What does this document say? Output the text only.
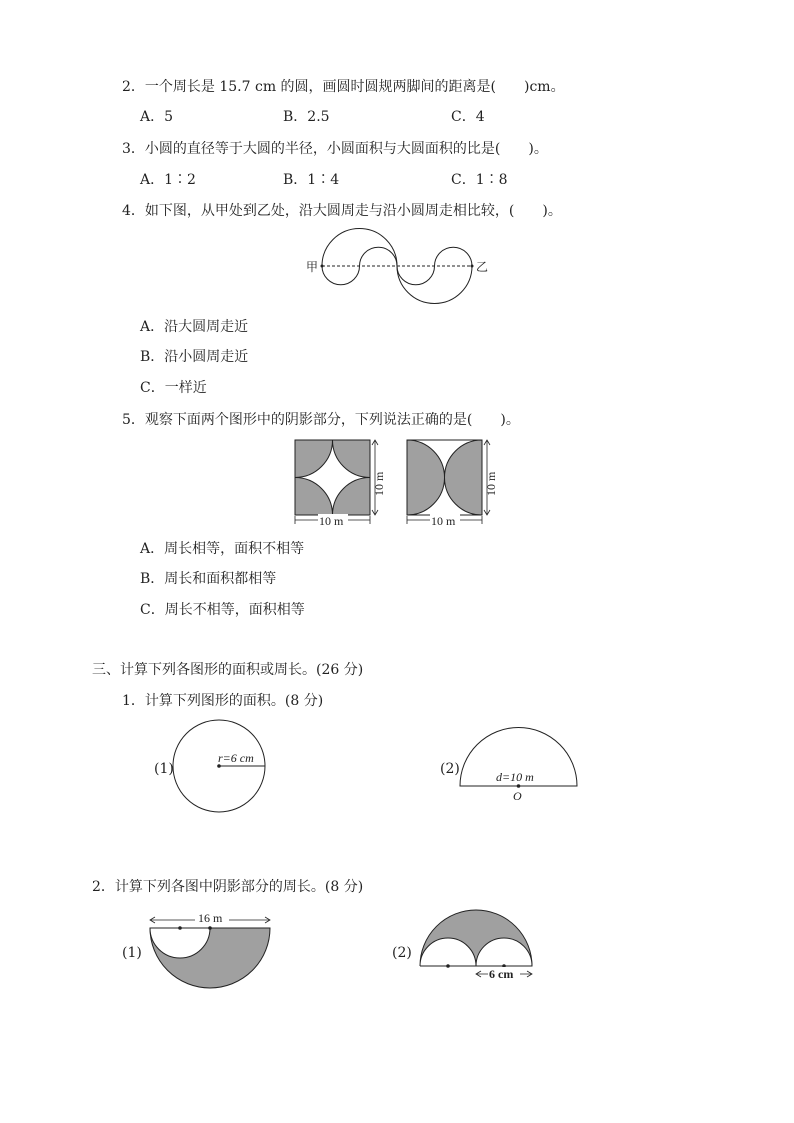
2．一个周长是 15.7 cm 的圆，画圆时圆规两脚间的距离是(　　)cm。
A．5	B．2.5	C．4
3．小圆的直径等于大圆的半径，小圆面积与大圆面积的比是(　　)。
A．1∶2	B．1∶4	C．1∶8
4．如下图，从甲处到乙处，沿大圆周走与沿小圆周走相比较，(　　)。
甲	乙
A．沿大圆周走近
B．沿小圆周走近
C．一样近
5．观察下面两个图形中的阴影部分，下列说法正确的是(　　)。
10 m
10 m
10 m
10 m
A．周长相等，面积不相等
B．周长和面积都相等
C．周长不相等，面积相等
三、计算下列各图形的面积或周长。(26 分)
1．计算下列图形的面积。(8 分)
(1)
r=6 cm
(2)	d=10 m
O
2．计算下列各图中阴影部分的周长。(8 分)
(1)
16 m
(2)
6 cm
